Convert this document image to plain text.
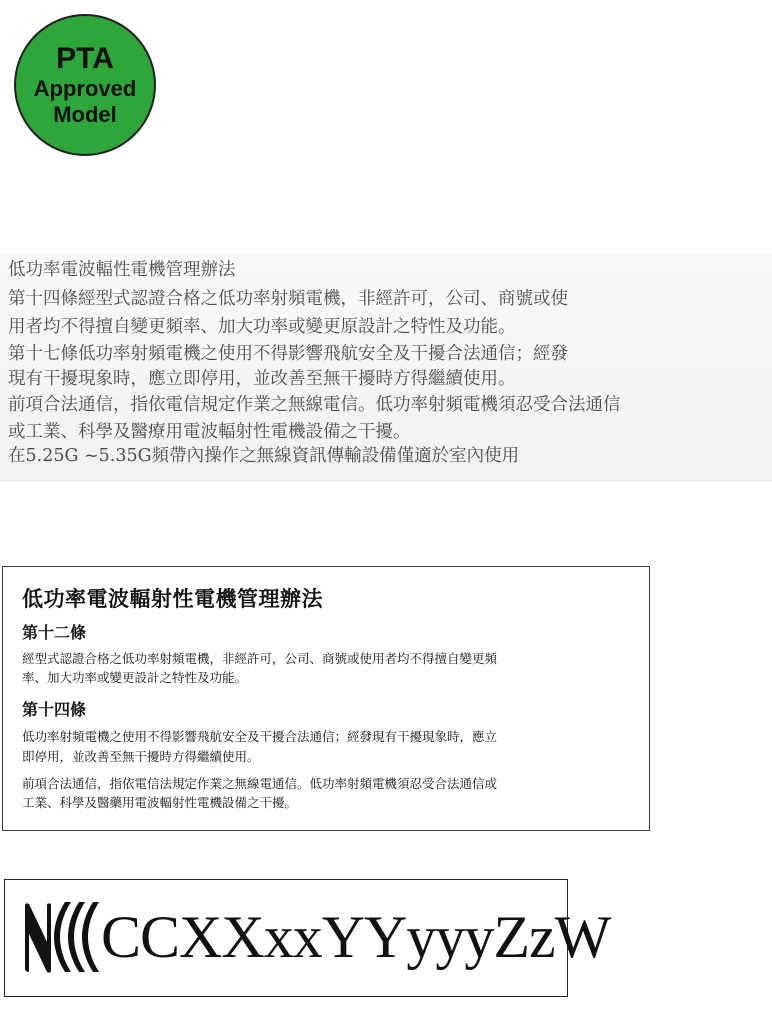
PTA
Approved
Model
低功率電波輻性電機管理辦法
第十四條經型式認證合格之低功率射頻電機，非經許可，公司、商號或使
用者均不得擅自變更頻率、加大功率或變更原設計之特性及功能。
第十七條低功率射頻電機之使用不得影響飛航安全及干擾合法通信；經發
現有干擾現象時，應立即停用，並改善至無干擾時方得繼續使用。
前項合法通信，指依電信規定作業之無線電信。低功率射頻電機須忍受合法通信
或工業、科學及醫療用電波輻射性電機設備之干擾。
在5.25G ~5.35G頻帶內操作之無線資訊傳輸設備僅適於室內使用
低功率電波輻射性電機管理辦法
第十二條
經型式認證合格之低功率射頻電機，非經許可，公司、商號或使用者均不得擅自變更頻
率、加大功率或變更設計之特性及功能。
第十四條
低功率射頻電機之使用不得影響飛航安全及干擾合法通信；經發現有干擾現象時，應立
即停用，並改善至無干擾時方得繼續使用。
前項合法通信，指依電信法規定作業之無線電通信。低功率射頻電機須忍受合法通信或
工業、科學及醫藥用電波輻射性電機設備之干擾。
CCXXxxYYyyyZzW
